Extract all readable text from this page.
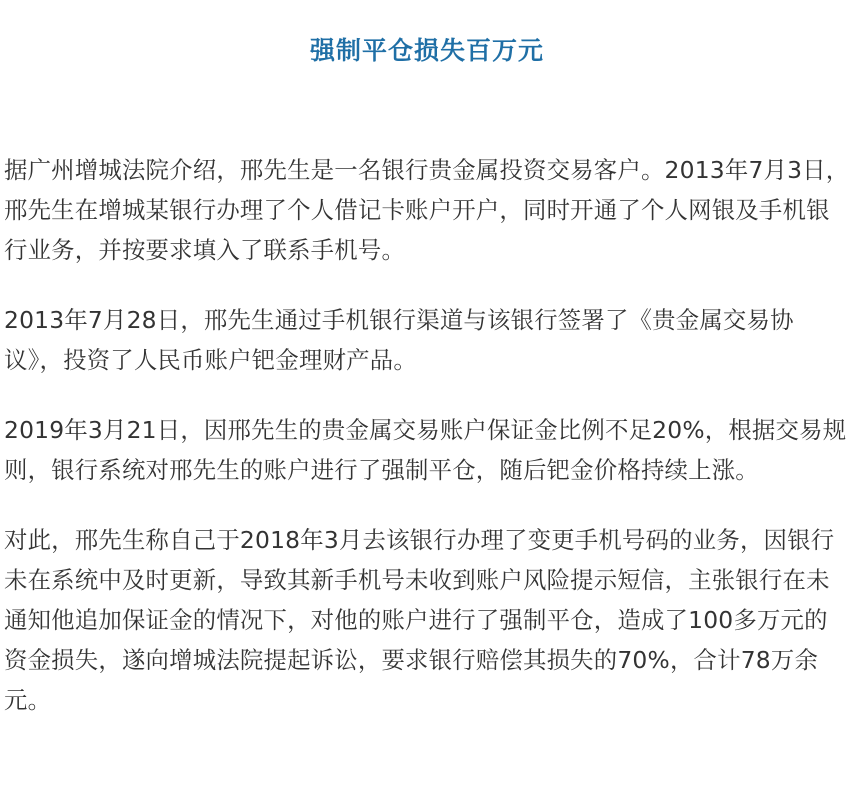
强制平仓损失百万元

据广州增城法院介绍，邢先生是一名银行贵金属投资交易客户。2013年7月3日，邢先生在增城某银行办理了个人借记卡账户开户，同时开通了个人网银及手机银行业务，并按要求填入了联系手机号。

2013年7月28日，邢先生通过手机银行渠道与该银行签署了《贵金属交易协议》，投资了人民币账户钯金理财产品。

2019年3月21日，因邢先生的贵金属交易账户保证金比例不足20%，根据交易规则，银行系统对邢先生的账户进行了强制平仓，随后钯金价格持续上涨。

对此，邢先生称自己于2018年3月去该银行办理了变更手机号码的业务，因银行未在系统中及时更新，导致其新手机号未收到账户风险提示短信，主张银行在未通知他追加保证金的情况下，对他的账户进行了强制平仓，造成了100多万元的资金损失，遂向增城法院提起诉讼，要求银行赔偿其损失的70%，合计78万余元。
